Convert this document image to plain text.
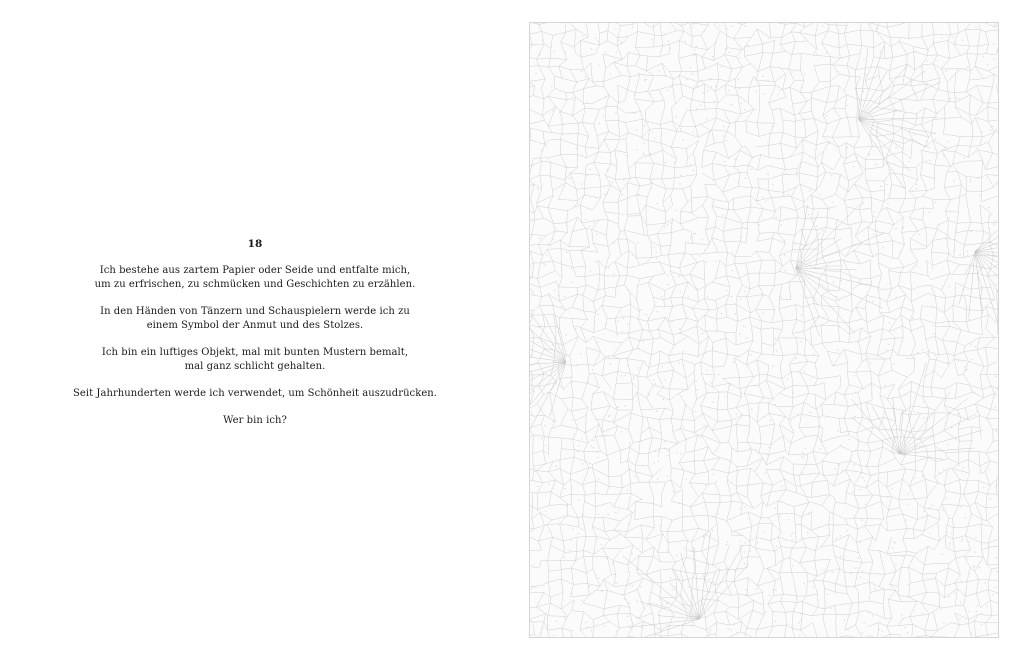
18

Ich bestehe aus zartem Papier oder Seide und entfalte mich,
um zu erfrischen, zu schmücken und Geschichten zu erzählen.

In den Händen von Tänzern und Schauspielern werde ich zu
einem Symbol der Anmut und des Stolzes.

Ich bin ein luftiges Objekt, mal mit bunten Mustern bemalt,
mal ganz schlicht gehalten.

Seit Jahrhunderten werde ich verwendet, um Schönheit auszudrücken.

Wer bin ich?
